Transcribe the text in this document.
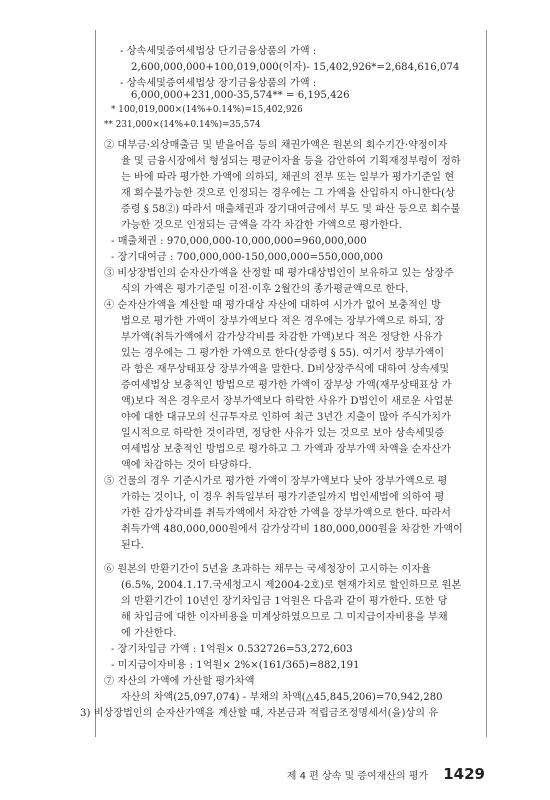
- 상속세및증여세법상 단기금융상품의 가액 :
2,600,000,000+100,019,000(이자)- 15,402,926*=2,684,616,074
- 상속세및증여세법상 장기금융상품의 가액 :
6,000,000+231,000-35,574** = 6,195,426
* 100,019,000×(14%+0.14%)=15,402,926
** 231,000×(14%+0.14%)=35,574
② 대부금·외상매출금 및 받을어음 등의 채권가액은 원본의 회수기간·약정이자
율 및 금융시장에서 형성되는 평균이자율 등을 감안하여 기획재정부령이 정하
는 바에 따라 평가한 가액에 의하되, 채권의 전부 또는 일부가 평가기준일 현
재 회수불가능한 것으로 인정되는 경우에는 그 가액을 산입하지 아니한다(상
증령 § 58②) 따라서 매출채권과 장기대여금에서 부도 및 파산 등으로 회수불
가능한 것으로 인정되는 금액을 각각 차감한 가액으로 평가한다.
- 매출채권 : 970,000,000-10,000,000=960,000,000
- 장기대여금 : 700,000,000-150,000,000=550,000,000
③ 비상장법인의 순자산가액을 산정할 때 평가대상법인이 보유하고 있는 상장주
식의 가액은 평가기준일 이전·이후 2월간의 종가평균액으로 한다.
④ 순자산가액을 계산할 때 평가대상 자산에 대하여 시가가 없어 보충적인 방
법으로 평가한 가액이 장부가액보다 적은 경우에는 장부가액으로 하되, 장
부가액(취득가액에서 감가상각비를 차감한 가액)보다 적은 정당한 사유가
있는 경우에는 그 평가한 가액으로 한다(상증령 § 55). 여기서 장부가액이
라 함은 재무상태표상 장부가액을 말한다. D비상장주식에 대하여 상속세및
증여세법상 보충적인 방법으로 평가한 가액이 장부상 가액(재무상태표상 가
액)보다 적은 경우로서 장부가액보다 하락한 사유가 D법인이 새로운 사업분
야에 대한 대규모의 신규투자로 인하여 최근 3년간 지출이 많아 주식가치가
일시적으로 하락한 것이라면, 정당한 사유가 있는 것으로 보아 상속세및증
여세법상 보충적인 방법으로 평가하고 그 가액과 장부가액 차액을 순자산가
액에 차감하는 것이 타당하다.
⑤ 건물의 경우 기준시가로 평가한 가액이 장부가액보다 낮아 장부가액으로 평
가하는 것이나, 이 경우 취득일부터 평가기준일까지 법인세법에 의하여 평
가한 감가상각비를 취득가액에서 차감한 가액을 장부가액으로 한다. 따라서
취득가액 480,000,000원에서 감가상각비 180,000,000원을 차감한 가액이
된다.
⑥ 원본의 반환기간이 5년을 초과하는 채무는 국세청장이 고시하는 이자율
(6.5%, 2004.1.17.국세청고시 제2004-2호)로 현재가치로 할인하므로 원본
의 반환기간이 10년인 장기차입금 1억원은 다음과 같이 평가한다. 또한 당
해 차입금에 대한 이자비용을 미계상하였으므로 그 미지급이자비용을 부채
에 가산한다.
- 장기차입금 가액 : 1억원× 0.532726=53,272,603
- 미지급이자비용 : 1억원× 2%×(161/365)=882,191
⑦ 자산의 가액에 가산할 평가차액
자산의 차액(25,097,074) - 부채의 차액(△45,845,206)=70,942,280
3) 비상장법인의 순자산가액을 계산할 때, 자본금과 적립금조정명세서(을)상의 유
제 4 편 상속 및 증여재산의 평가 1429
